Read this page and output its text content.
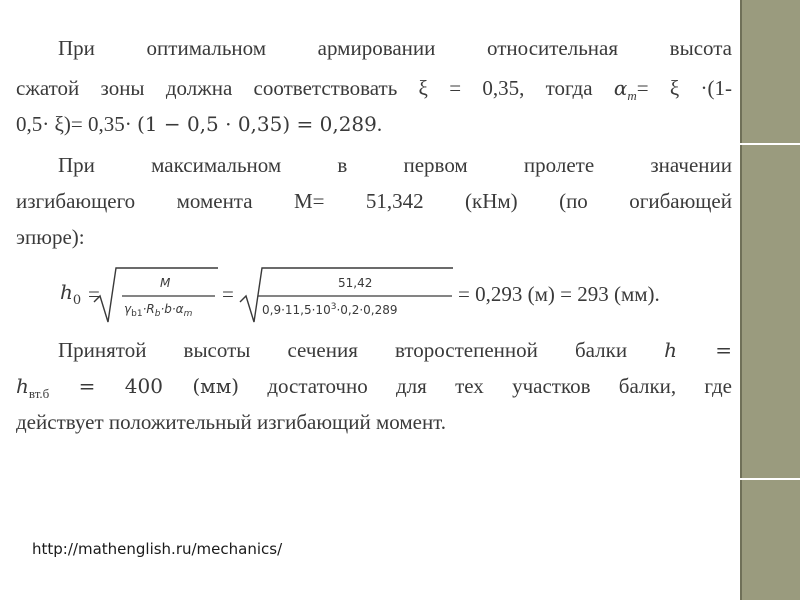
При оптимальном армировании относительная высота
сжатой зоны должна соответствовать ξ = 0,35, тогда $\alpha_m= \xi \cdot(1-$
0,5· ξ)= 0,35· (1 − 0,5 · 0,35) = 0,289.
При максимальном в первом пролете значении
изгибающего момента М= 51,342 (кНм) (по огибающей
эпюре):
$h_0$ =	M
$\gamma_{b1}\cdot R_b\cdot b\cdot\alpha_m$
=	51,42
$0,9\cdot 11,5\cdot 10^3\cdot 0,2\cdot 0,289$
= 0,293 (м) = 293 (мм).
Принятой высоты сечения второстепенной балки h =
$h_{вт.б} = 400$ (мм) достаточно для тех участков балки, где
действует положительный изгибающий момент.
http://mathenglish.ru/mechanics/
